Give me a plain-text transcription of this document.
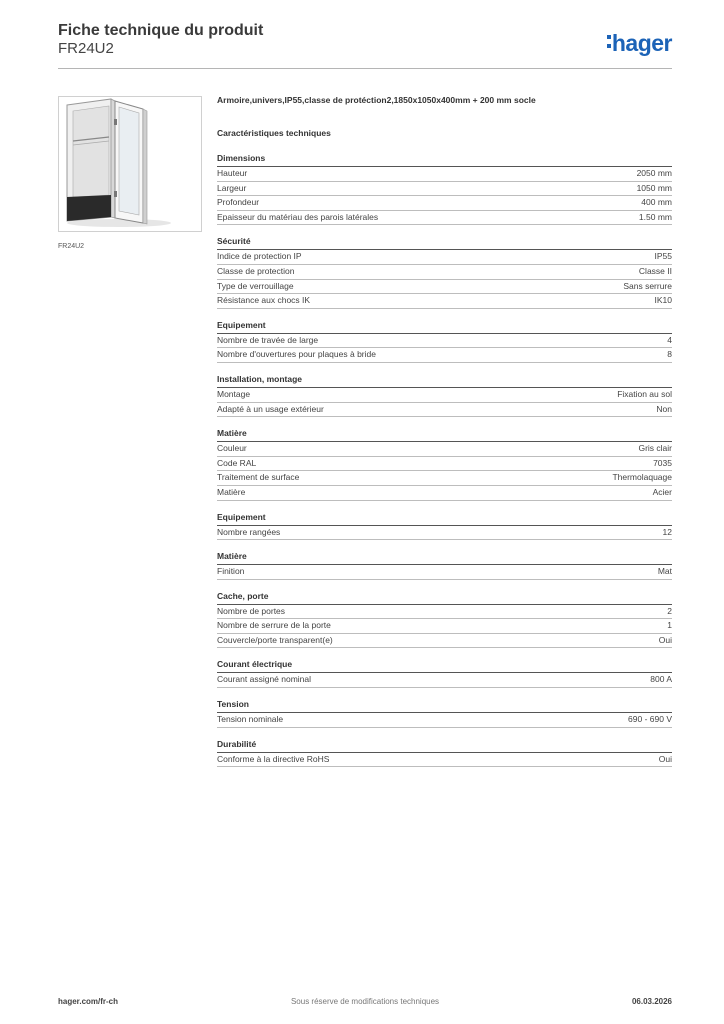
Fiche technique du produit
FR24U2	hager
FR24U2
Armoire,univers,IP55,classe de protéction2,1850x1050x400mm + 200 mm socle
Caractéristiques techniques
Dimensions
Hauteur	2050 mm
Largeur	1050 mm
Profondeur	400 mm
Epaisseur du matériau des parois latérales	1.50 mm
Sécurité
Indice de protection IP	IP55
Classe de protection	Classe II
Type de verrouillage	Sans serrure
Résistance aux chocs IK	IK10
Equipement
Nombre de travée de large	4
Nombre d'ouvertures pour plaques à bride	8
Installation, montage
Montage	Fixation au sol
Adapté à un usage extérieur	Non
Matière
Couleur	Gris clair
Code RAL	7035
Traitement de surface	Thermolaquage
Matière	Acier
Equipement
Nombre rangées	12
Matière
Finition	Mat
Cache, porte
Nombre de portes	2
Nombre de serrure de la porte	1
Couvercle/porte transparent(e)	Oui
Courant électrique
Courant assigné nominal	800 A
Tension
Tension nominale	690 - 690 V
Durabilité
Conforme à la directive RoHS	Oui
hager.com/fr-ch	Sous réserve de modifications techniques	06.03.2026
